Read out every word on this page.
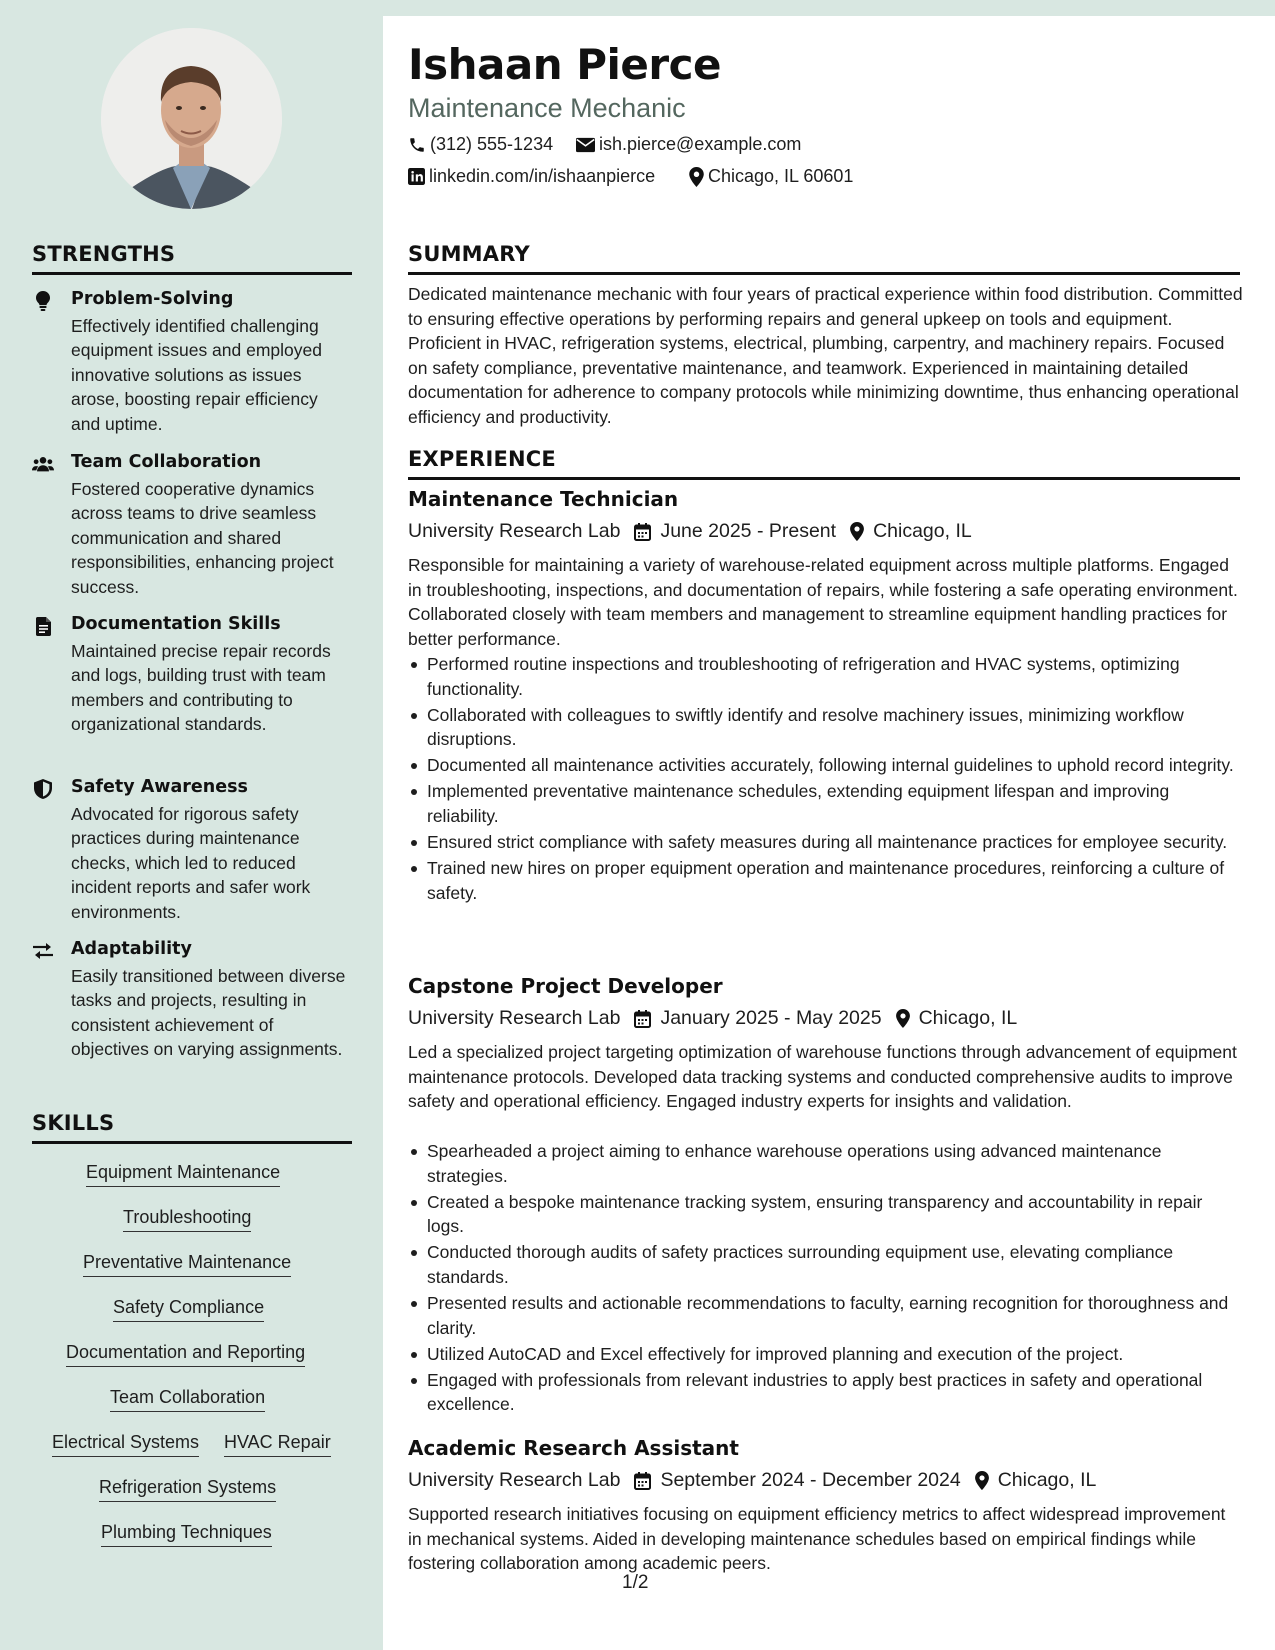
Ishaan Pierce
Maintenance Mechanic
(312) 555-1234	ish.pierce@example.com
linkedin.com/in/ishaanpierce	Chicago, IL 60601
STRENGTHS
Problem-Solving
Effectively identified challenging equipment issues and employed innovative solutions as issues arose, boosting repair efficiency and uptime.
Team Collaboration
Fostered cooperative dynamics across teams to drive seamless communication and shared responsibilities, enhancing project success.
Documentation Skills
Maintained precise repair records and logs, building trust with team members and contributing to organizational standards.
Safety Awareness
Advocated for rigorous safety practices during maintenance checks, which led to reduced incident reports and safer work environments.
Adaptability
Easily transitioned between diverse tasks and projects, resulting in consistent achievement of objectives on varying assignments.
SKILLS
Equipment Maintenance
Troubleshooting
Preventative Maintenance
Safety Compliance
Documentation and Reporting
Team Collaboration
Electrical Systems HVAC Repair
Refrigeration Systems
Plumbing Techniques
SUMMARY
Dedicated maintenance mechanic with four years of practical experience within food distribution. Committed to ensuring effective operations by performing repairs and general upkeep on tools and equipment. Proficient in HVAC, refrigeration systems, electrical, plumbing, carpentry, and machinery repairs. Focused on safety compliance, preventative maintenance, and teamwork. Experienced in maintaining detailed documentation for adherence to company protocols while minimizing downtime, thus enhancing operational efficiency and productivity.
EXPERIENCE
Maintenance Technician
University Research Lab June 2025 - Present Chicago, IL
Responsible for maintaining a variety of warehouse-related equipment across multiple platforms. Engaged in troubleshooting, inspections, and documentation of repairs, while fostering a safe operating environment. Collaborated closely with team members and management to streamline equipment handling practices for better performance.
Performed routine inspections and troubleshooting of refrigeration and HVAC systems, optimizing functionality.
Collaborated with colleagues to swiftly identify and resolve machinery issues, minimizing workflow disruptions.
Documented all maintenance activities accurately, following internal guidelines to uphold record integrity.
Implemented preventative maintenance schedules, extending equipment lifespan and improving reliability.
Ensured strict compliance with safety measures during all maintenance practices for employee security.
Trained new hires on proper equipment operation and maintenance procedures, reinforcing a culture of safety.
Capstone Project Developer
University Research Lab January 2025 - May 2025 Chicago, IL
Led a specialized project targeting optimization of warehouse functions through advancement of equipment maintenance protocols. Developed data tracking systems and conducted comprehensive audits to improve safety and operational efficiency. Engaged industry experts for insights and validation.
Spearheaded a project aiming to enhance warehouse operations using advanced maintenance strategies.
Created a bespoke maintenance tracking system, ensuring transparency and accountability in repair logs.
Conducted thorough audits of safety practices surrounding equipment use, elevating compliance standards.
Presented results and actionable recommendations to faculty, earning recognition for thoroughness and clarity.
Utilized AutoCAD and Excel effectively for improved planning and execution of the project.
Engaged with professionals from relevant industries to apply best practices in safety and operational excellence.
Academic Research Assistant
University Research Lab September 2024 - December 2024 Chicago, IL
Supported research initiatives focusing on equipment efficiency metrics to affect widespread improvement in mechanical systems. Aided in developing maintenance schedules based on empirical findings while fostering collaboration among academic peers.
1/2
